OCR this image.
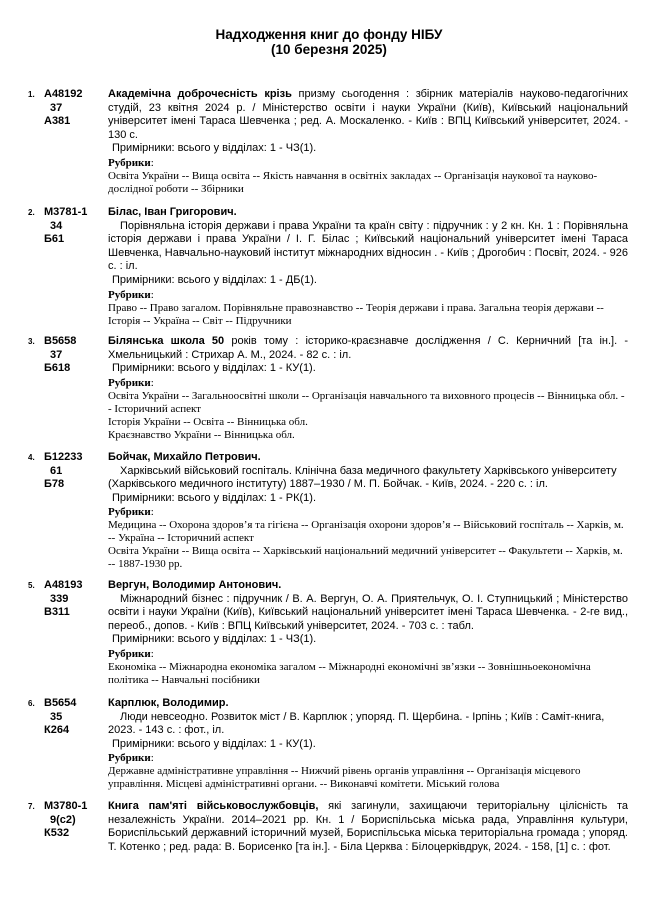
Надходження книг до фонду НІБУ
(10 березня 2025)
1. А48192
37
А381
Академічна доброчесність крізь призму сьогодення : збірник матеріалів науково-педагогічних студій, 23 квітня 2024 р. / Міністерство освіти і науки України (Київ), Київський національний університет імені Тараса Шевченка ; ред. А. Москаленко. - Київ : ВПЦ Київський університет, 2024. - 130 с.
Примірники: всього у відділах: 1 - ЧЗ(1).
Рубрики:
Освіта України -- Вища освіта -- Якість навчання в освітніх закладах -- Організація наукової та науково-дослідної роботи -- Збірники
2. М3781-1
34
Б61
Білас, Іван Григорович.
Порівняльна історія держави і права України та країн світу : підручник : у 2 кн. Кн. 1 : Порівняльна історія держави і права України / І. Г. Білас ; Київський національний університет імені Тараса Шевченка, Навчально-науковий інститут міжнародних відносин . - Київ ; Дрогобич : Посвіт, 2024. - 926 с. : іл.
Примірники: всього у відділах: 1 - ДБ(1).
Рубрики:
Право -- Право загалом. Порівняльне правознавство -- Теорія держави і права. Загальна теорія держави -- Історія -- Україна -- Світ -- Підручники
3. В5658
37
Б618
Білянська школа 50 років тому : історико-краєзнавче дослідження / С. Керничний [та ін.]. - Хмельницький : Стрихар А. М., 2024. - 82 с. : іл.
Примірники: всього у відділах: 1 - КУ(1).
Рубрики:
Освіта України -- Загальноосвітні школи -- Організація навчального та виховного процесів -- Вінницька обл. -- Історичний аспект
Історія України -- Освіта -- Вінницька обл.
Краєзнавство України -- Вінницька обл.
4. Б12233
61
Б78
Бойчак, Михайло Петрович.
Харківський військовий госпіталь. Клінічна база медичного факультету Харківського університету (Харківського медичного інституту) 1887–1930 / М. П. Бойчак. - Київ, 2024. - 220 с. : іл.
Примірники: всього у відділах: 1 - РК(1).
Рубрики:
Медицина -- Охорона здоров’я та гігієна -- Організація охорони здоров’я -- Військовий госпіталь -- Харків, м. -- Україна -- Історичний аспект
Освіта України -- Вища освіта -- Харківський національний медичний університет -- Факультети -- Харків, м. -- 1887-1930 рр.
5. А48193
339
В311
Вергун, Володимир Антонович.
Міжнародний бізнес : підручник / В. А. Вергун, О. А. Приятельчук, О. І. Ступницький ; Міністерство освіти і науки України (Київ), Київський національний університет імені Тараса Шевченка. - 2-ге вид., переоб., допов. - Київ : ВПЦ Київський університет, 2024. - 703 с. : табл.
Примірники: всього у відділах: 1 - ЧЗ(1).
Рубрики:
Економіка -- Міжнародна економіка загалом -- Міжнародні економічні зв’язки -- Зовнішньоекономічна політика -- Навчальні посібники
6. В5654
35
К264
Карплюк, Володимир.
Люди невсеодно. Розвиток міст / В. Карплюк ; упоряд. П. Щербина. - Ірпінь ; Київ : Саміт-книга, 2023. - 143 с. : фот., іл.
Примірники: всього у відділах: 1 - КУ(1).
Рубрики:
Державне адміністративне управління -- Нижчий рівень органів управління -- Організація місцевого управління. Місцеві адміністративні органи. -- Виконавчі комітети. Міський голова
7. М3780-1
9(с2)
К532
Книга пам'яті військовослужбовців, які загинули, захищаючи територіальну цілісність та незалежність України. 2014–2021 рр. Кн. 1 / Бориспільська міська рада, Управління культури, Бориспільський державний історичний музей, Бориспільська міська територіальна громада ; упоряд. Т. Котенко ; ред. рада: В. Борисенко [та ін.]. - Біла Церква : Білоцерківдрук, 2024. - 158, [1] с. : фот.
